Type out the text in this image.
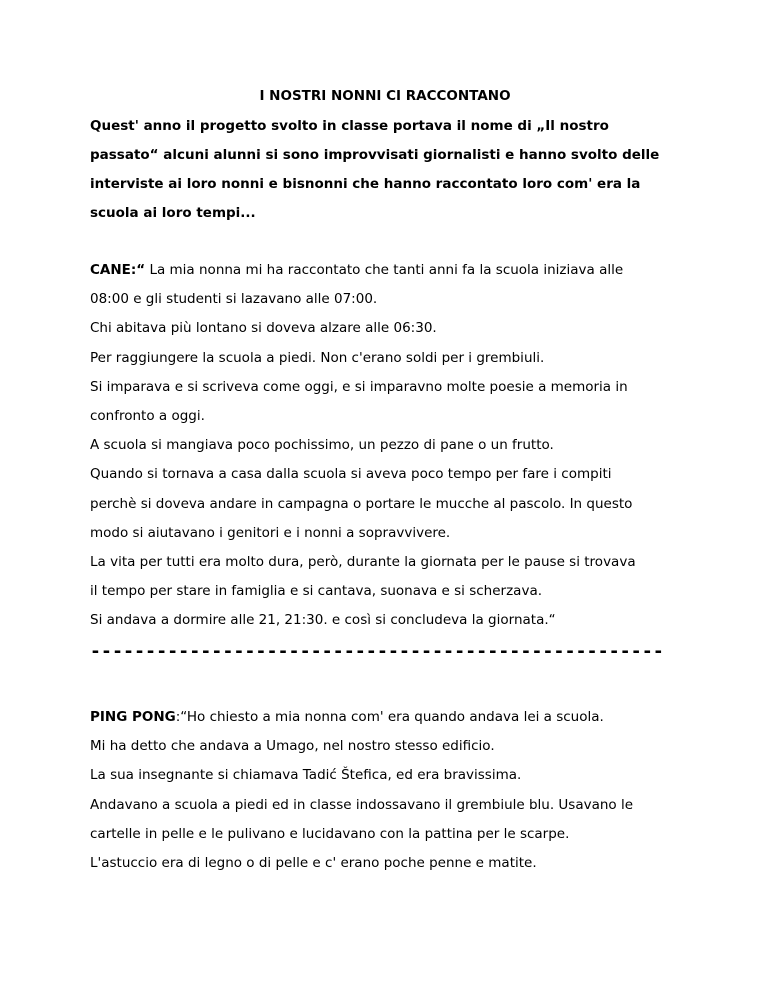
I NOSTRI NONNI CI RACCONTANO
Quest' anno il progetto svolto in classe portava il nome di „Il nostro
passato“ alcuni alunni si sono improvvisati giornalisti e hanno svolto delle
interviste ai loro nonni e bisnonni che hanno raccontato loro com' era la
scuola ai loro tempi...
CANE:“ La mia nonna mi ha raccontato che tanti anni fa la scuola iniziava alle
08:00 e gli studenti si lazavano alle 07:00.
Chi abitava più lontano si doveva alzare alle 06:30.
Per raggiungere la scuola a piedi. Non c'erano soldi per i grembiuli.
Si imparava e si scriveva come oggi, e si imparavno molte poesie a memoria in
confronto a oggi.
A scuola si mangiava poco pochissimo, un pezzo di pane o un frutto.
Quando si tornava a casa dalla scuola si aveva poco tempo per fare i compiti
perchè si doveva andare in campagna o portare le mucche al pascolo. In questo
modo si aiutavano i genitori e i nonni a sopravvivere.
La vita per tutti era molto dura, però, durante la giornata per le pause si trovava
il tempo per stare in famiglia e si cantava, suonava e si scherzava.
Si andava a dormire alle 21, 21:30. e così si concludeva la giornata.“
----------------------------------------------------
PING PONG:“Ho chiesto a mia nonna com' era quando andava lei a scuola.
Mi ha detto che andava a Umago, nel nostro stesso edificio.
La sua insegnante si chiamava Tadić Štefica, ed era bravissima.
Andavano a scuola a piedi ed in classe indossavano il grembiule blu. Usavano le
cartelle in pelle e le pulivano e lucidavano con la pattina per le scarpe.
L'astuccio era di legno o di pelle e c' erano poche penne e matite.
